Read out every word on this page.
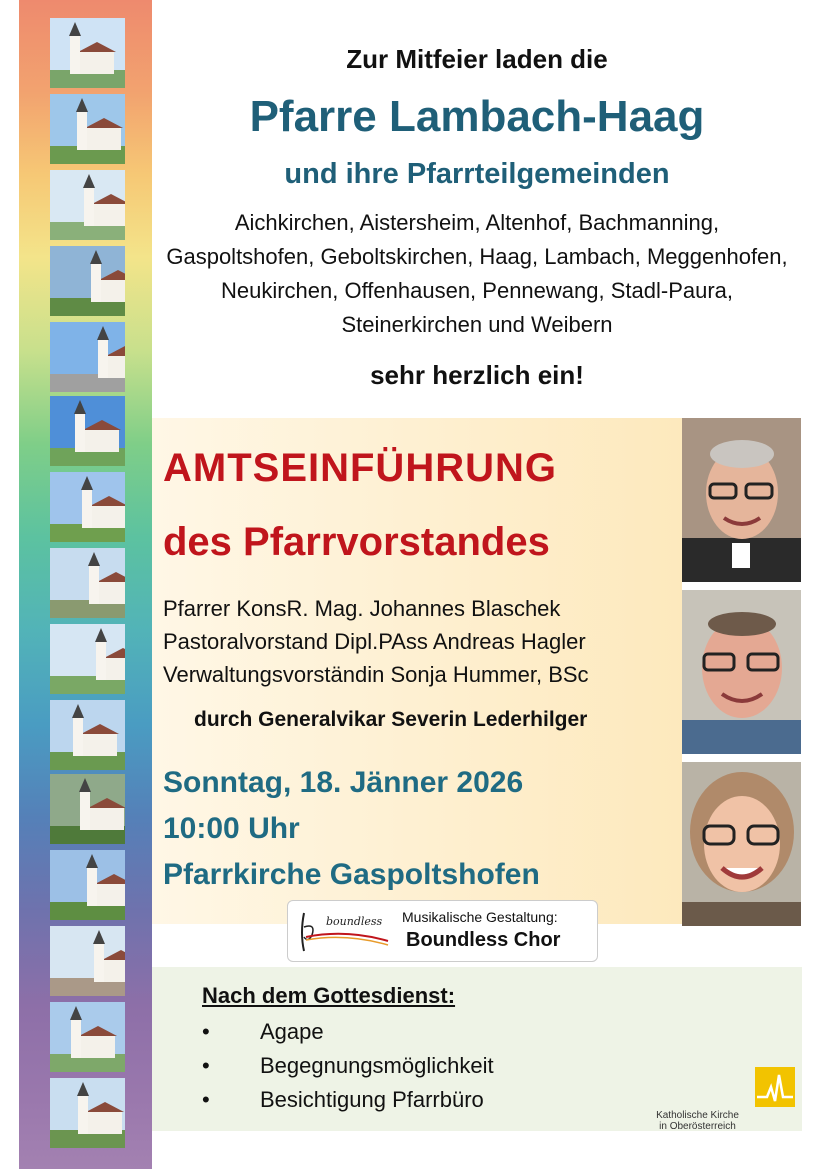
Zur Mitfeier laden die
Pfarre Lambach-Haag
und ihre Pfarrteilgemeinden
Aichkirchen, Aistersheim, Altenhof, Bachmanning, Gaspoltshofen, Geboltskirchen, Haag, Lambach, Meggenhofen, Neukirchen, Offenhausen, Pennewang, Stadl-Paura, Steinerkirchen und Weibern
sehr herzlich ein!
AMTSEINFÜHRUNG
des Pfarrvorstandes
Pfarrer KonsR. Mag. Johannes Blaschek
Pastoralvorstand Dipl.PAss Andreas Hagler
Verwaltungsvorständin Sonja Hummer, BSc
durch Generalvikar Severin Lederhilger
Sonntag, 18. Jänner 2026
10:00 Uhr
Pfarrkirche Gaspoltshofen
boundless Musikalische Gestaltung:
Boundless Chor
Nach dem Gottesdienst:
• Agape
• Begegnungsmöglichkeit
• Besichtigung Pfarrbüro
Katholische Kirche
in Oberösterreich
